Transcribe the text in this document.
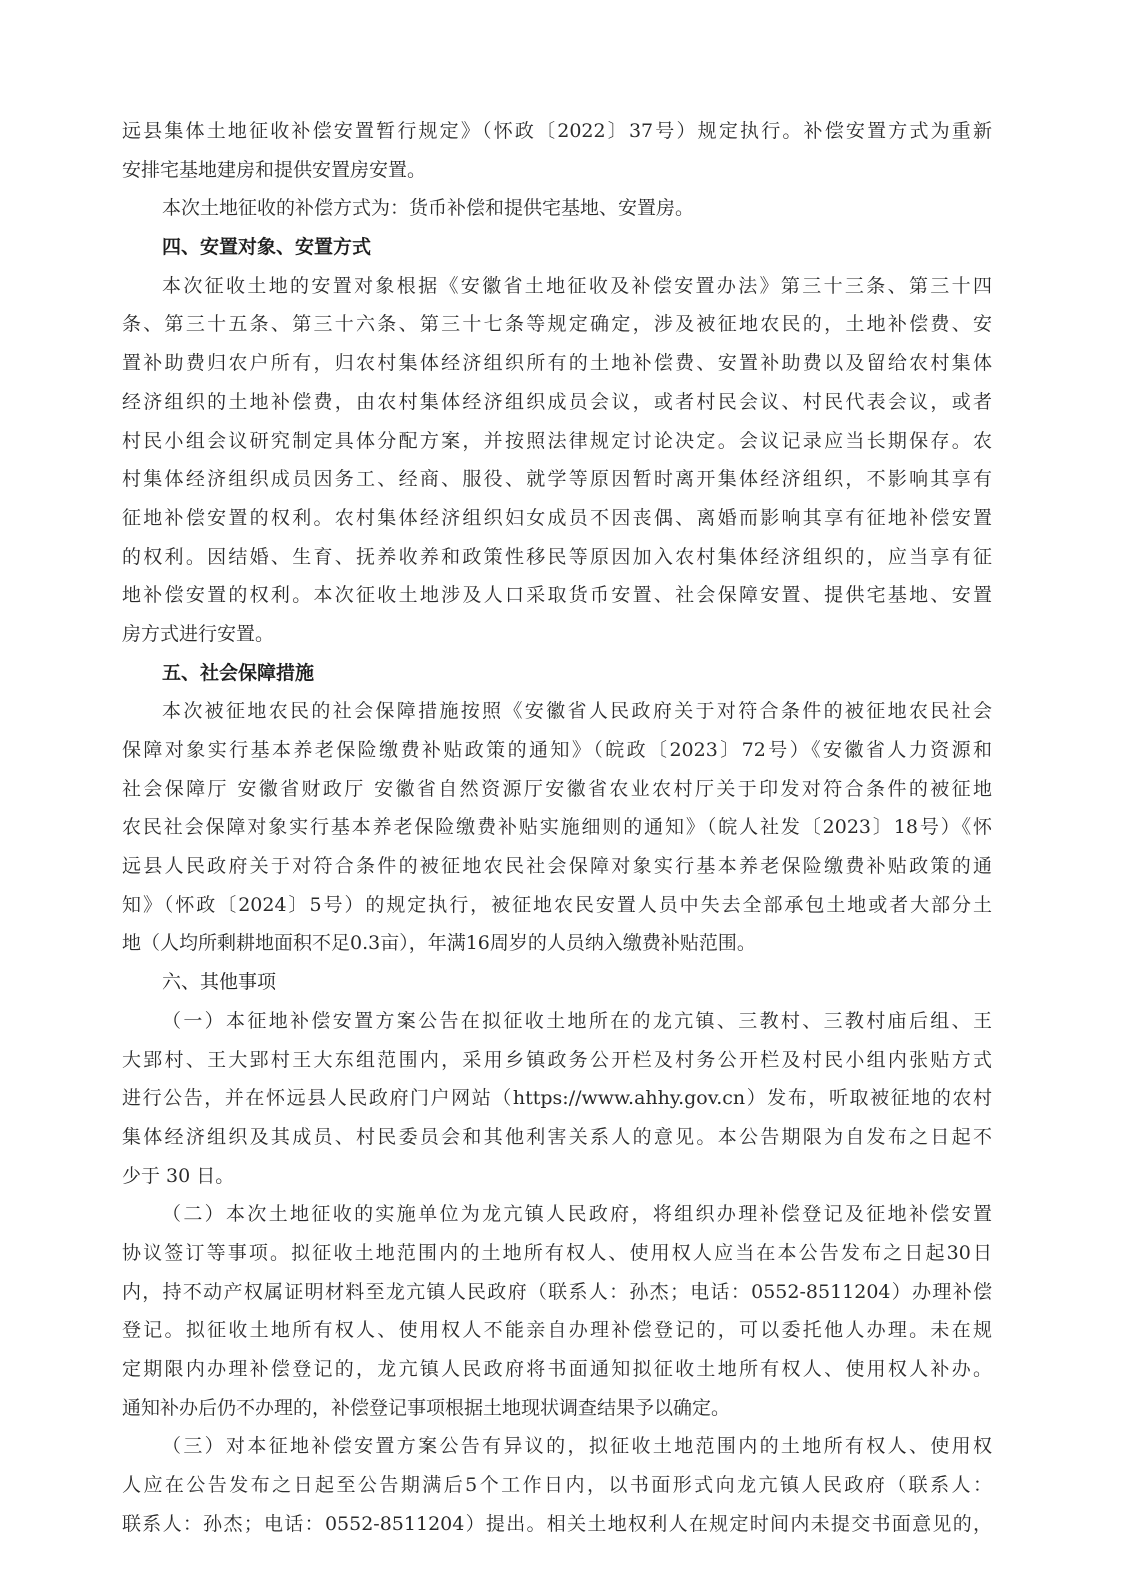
远县集体土地征收补偿安置暂行规定》（怀政〔2022〕37号）规定执行。补偿安置方式为重新
安排宅基地建房和提供安置房安置。
本次土地征收的补偿方式为：货币补偿和提供宅基地、安置房。
四、安置对象、安置方式
本次征收土地的安置对象根据《安徽省土地征收及补偿安置办法》第三十三条、第三十四
条、第三十五条、第三十六条、第三十七条等规定确定，涉及被征地农民的，土地补偿费、安
置补助费归农户所有，归农村集体经济组织所有的土地补偿费、安置补助费以及留给农村集体
经济组织的土地补偿费，由农村集体经济组织成员会议，或者村民会议、村民代表会议，或者
村民小组会议研究制定具体分配方案，并按照法律规定讨论决定。会议记录应当长期保存。农
村集体经济组织成员因务工、经商、服役、就学等原因暂时离开集体经济组织，不影响其享有
征地补偿安置的权利。农村集体经济组织妇女成员不因丧偶、离婚而影响其享有征地补偿安置
的权利。因结婚、生育、抚养收养和政策性移民等原因加入农村集体经济组织的，应当享有征
地补偿安置的权利。本次征收土地涉及人口采取货币安置、社会保障安置、提供宅基地、安置
房方式进行安置。
五、社会保障措施
本次被征地农民的社会保障措施按照《安徽省人民政府关于对符合条件的被征地农民社会
保障对象实行基本养老保险缴费补贴政策的通知》（皖政〔2023〕72号）《安徽省人力资源和
社会保障厅 安徽省财政厅 安徽省自然资源厅安徽省农业农村厅关于印发对符合条件的被征地
农民社会保障对象实行基本养老保险缴费补贴实施细则的通知》（皖人社发〔2023〕18号）《怀
远县人民政府关于对符合条件的被征地农民社会保障对象实行基本养老保险缴费补贴政策的通
知》（怀政〔2024〕5号）的规定执行，被征地农民安置人员中失去全部承包土地或者大部分土
地（人均所剩耕地面积不足0.3亩），年满16周岁的人员纳入缴费补贴范围。
六、其他事项
（一）本征地补偿安置方案公告在拟征收土地所在的龙亢镇、三教村、三教村庙后组、王
大郢村、王大郢村王大东组范围内，采用乡镇政务公开栏及村务公开栏及村民小组内张贴方式
进行公告，并在怀远县人民政府门户网站（https://www.ahhy.gov.cn）发布，听取被征地的农村
集体经济组织及其成员、村民委员会和其他利害关系人的意见。本公告期限为自发布之日起不
少于 30 日。
（二）本次土地征收的实施单位为龙亢镇人民政府，将组织办理补偿登记及征地补偿安置
协议签订等事项。拟征收土地范围内的土地所有权人、使用权人应当在本公告发布之日起30日
内，持不动产权属证明材料至龙亢镇人民政府（联系人：孙杰；电话：0552-8511204）办理补偿
登记。拟征收土地所有权人、使用权人不能亲自办理补偿登记的，可以委托他人办理。未在规
定期限内办理补偿登记的，龙亢镇人民政府将书面通知拟征收土地所有权人、使用权人补办。
通知补办后仍不办理的，补偿登记事项根据土地现状调查结果予以确定。
（三）对本征地补偿安置方案公告有异议的，拟征收土地范围内的土地所有权人、使用权
人应在公告发布之日起至公告期满后5个工作日内，以书面形式向龙亢镇人民政府（联系人：
联系人：孙杰；电话：0552-8511204）提出。相关土地权利人在规定时间内未提交书面意见的，
